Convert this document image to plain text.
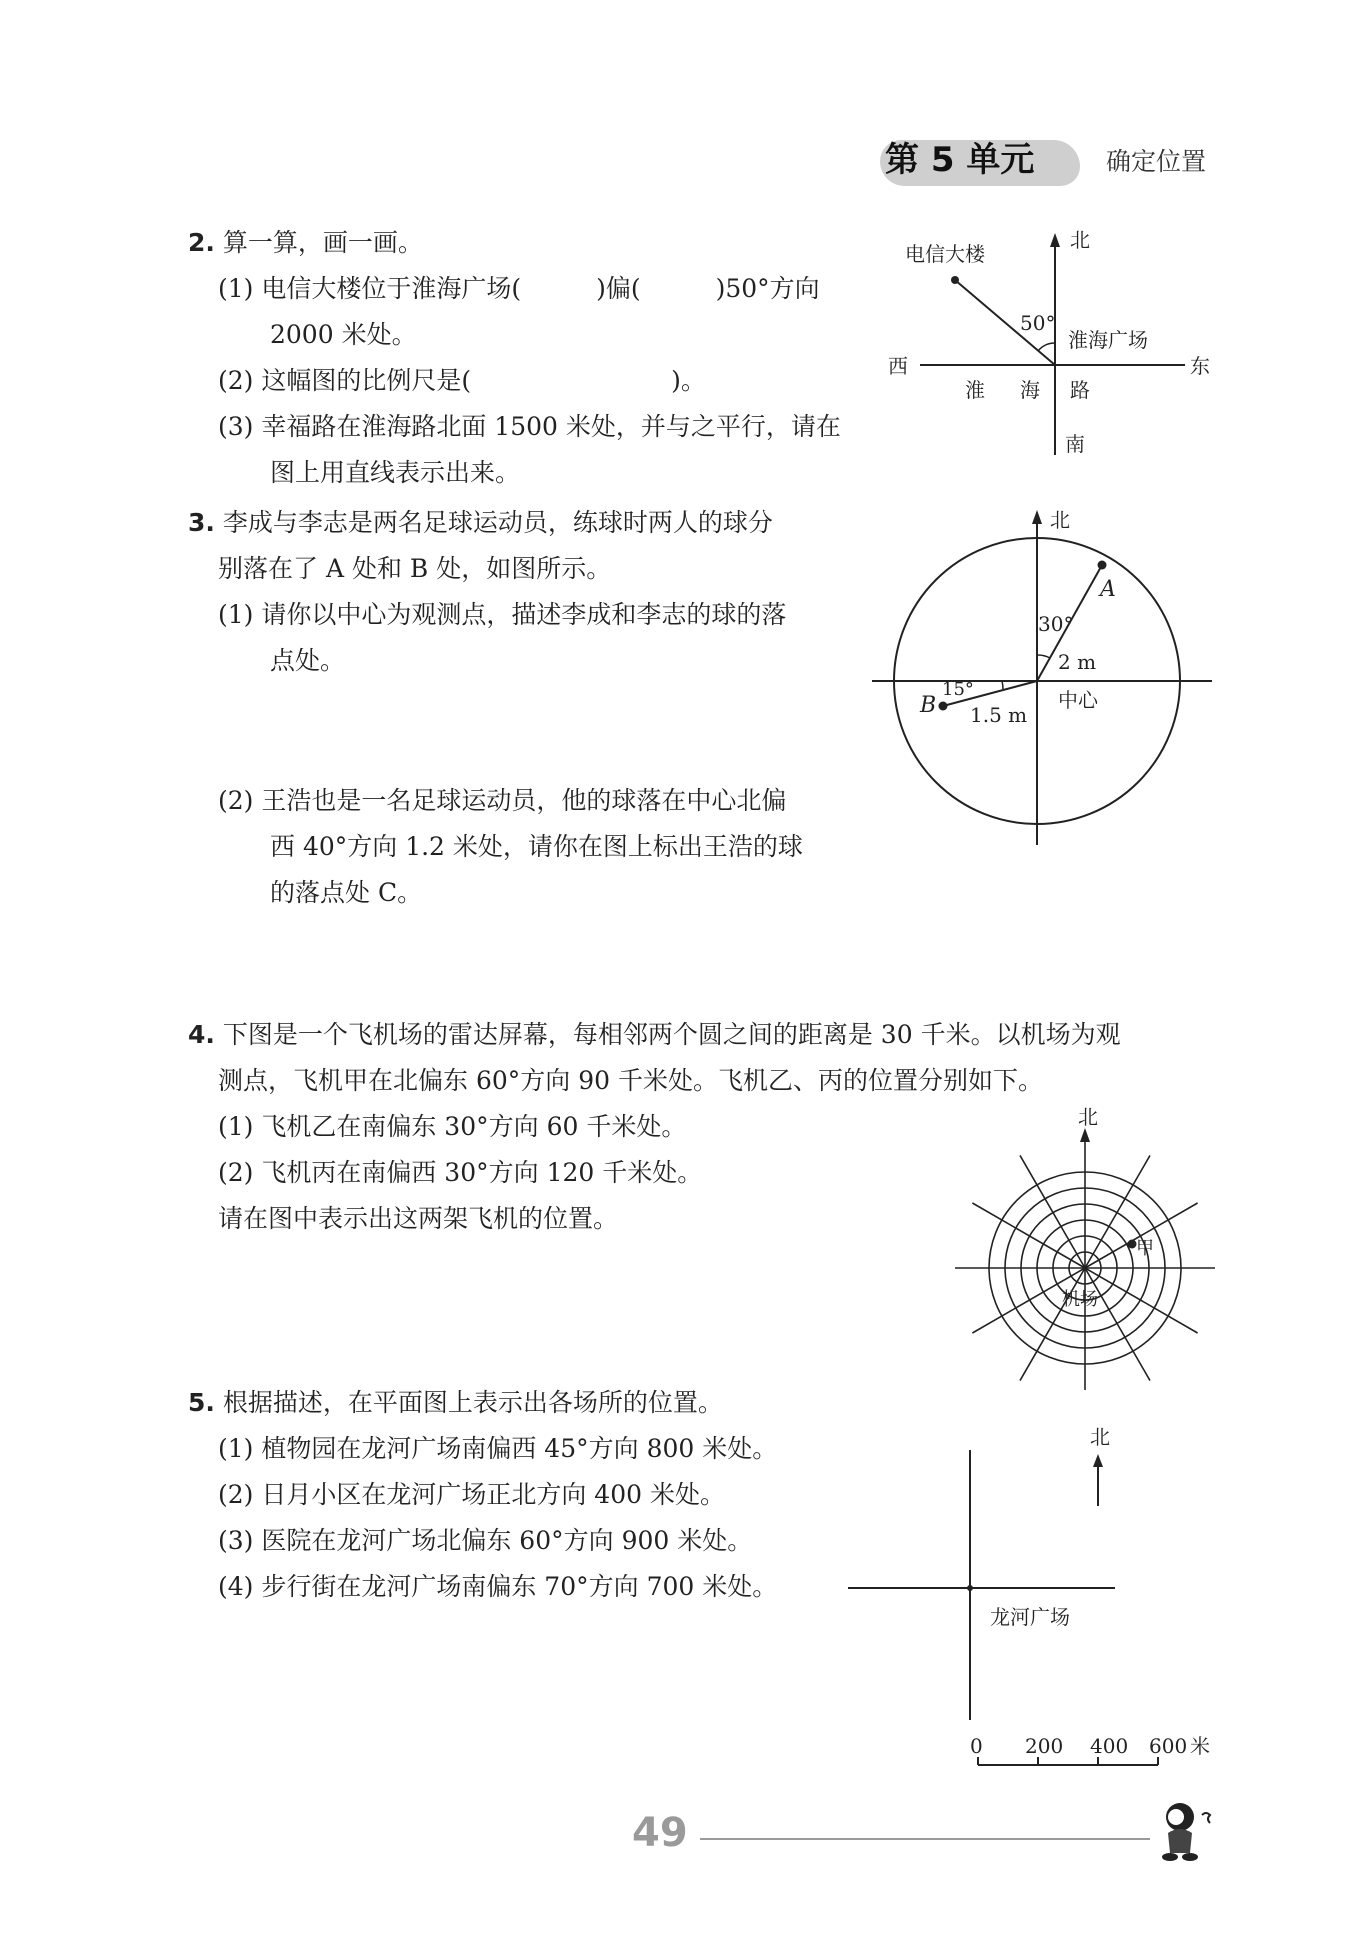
第 5 单元	确定位置
2. 算一算，画一画。
(1) 电信大楼位于淮海广场(　　　)偏(　　　)50°方向
2000 米处。
(2) 这幅图的比例尺是(　　　　　　　　)。
(3) 幸福路在淮海路北面 1500 米处，并与之平行，请在
图上用直线表示出来。
北
南
西	东
电信大楼
淮海广场
50°
淮 海 路
3. 李成与李志是两名足球运动员，练球时两人的球分
别落在了 A 处和 B 处，如图所示。
(1) 请你以中心为观测点，描述李成和李志的球的落
点处。
(2) 王浩也是一名足球运动员，他的球落在中心北偏
西 40°方向 1.2 米处，请你在图上标出王浩的球
的落点处 C。
北
A
B
30°
2 m
15°
1.5 m
中心
4. 下图是一个飞机场的雷达屏幕，每相邻两个圆之间的距离是 30 千米。以机场为观
测点，飞机甲在北偏东 60°方向 90 千米处。飞机乙、丙的位置分别如下。
(1) 飞机乙在南偏东 30°方向 60 千米处。
(2) 飞机丙在南偏西 30°方向 120 千米处。
请在图中表示出这两架飞机的位置。
北
甲
机场
5. 根据描述，在平面图上表示出各场所的位置。
(1) 植物园在龙河广场南偏西 45°方向 800 米处。
(2) 日月小区在龙河广场正北方向 400 米处。
(3) 医院在龙河广场北偏东 60°方向 900 米处。
(4) 步行街在龙河广场南偏东 70°方向 700 米处。
龙河广场
北
0 200 400 600 米
49
